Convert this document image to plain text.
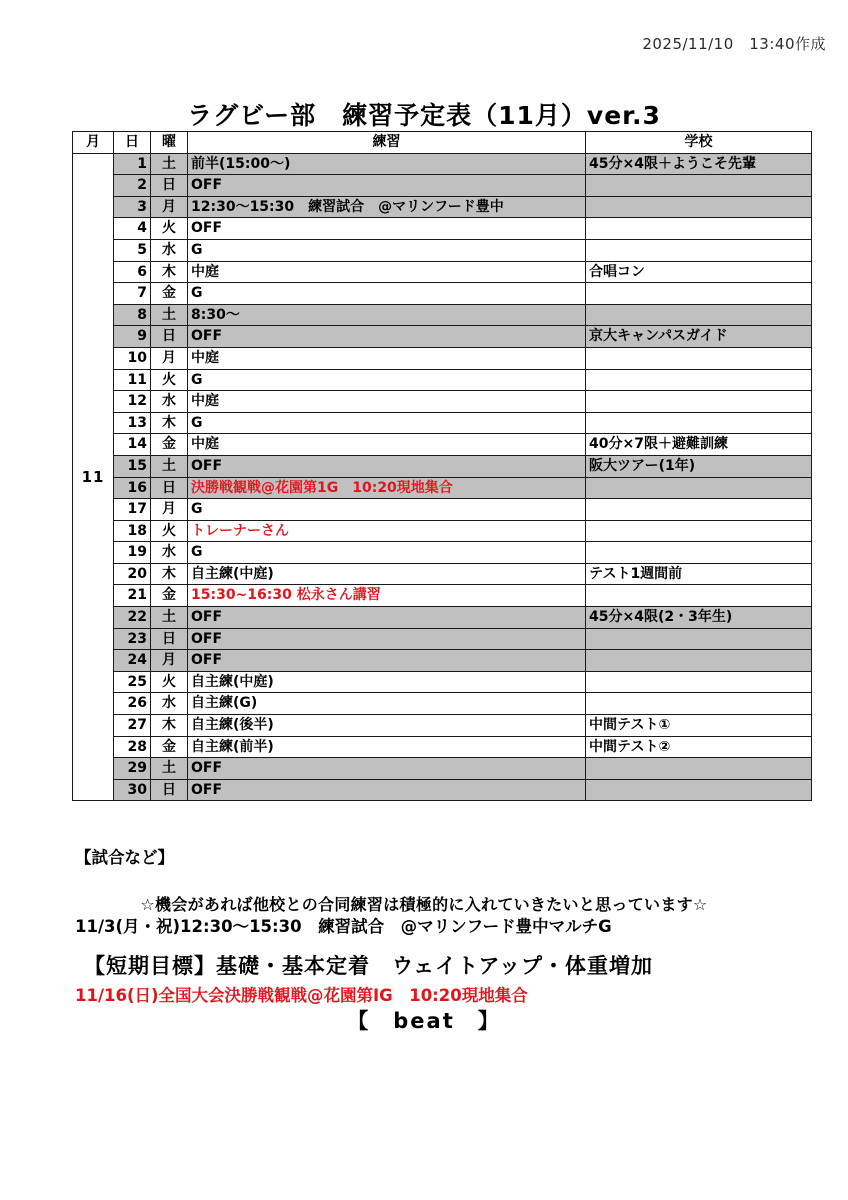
2025/11/10　13:40作成
ラグビー部　練習予定表（11月）ver.3
月	日	曜	練習	学校
11	1	土	前半(15:00〜)	45分×4限＋ようこそ先輩
	2	日	OFF	
	3	月	12:30〜15:30　練習試合　@マリンフード豊中	
	4	火	OFF	
	5	水	G	
	6	木	中庭	合唱コン
	7	金	G	
	8	土	8:30〜	
	9	日	OFF	京大キャンパスガイド
	10	月	中庭	
	11	火	G	
	12	水	中庭	
	13	木	G	
	14	金	中庭	40分×7限＋避難訓練
	15	土	OFF	阪大ツアー(1年)
	16	日	決勝戦観戦@花園第1G　10:20現地集合	
	17	月	G	
	18	火	トレーナーさん	
	19	水	G	
	20	木	自主練(中庭)	テスト1週間前
	21	金	15:30~16:30 松永さん講習	
	22	土	OFF	45分×4限(2・3年生)
	23	日	OFF	
	24	月	OFF	
	25	火	自主練(中庭)	
	26	水	自主練(G)	
	27	木	自主練(後半)	中間テスト①
	28	金	自主練(前半)	中間テスト②
	29	土	OFF	
	30	日	OFF	

【試合など】

11/3(月・祝)12:30〜15:30　練習試合　@マリンフード豊中マルチG

11/16(日)全国大会決勝戦観戦@花園第ⅠG　10:20現地集合

☆機会があれば他校との合同練習は積極的に入れていきたいと思っています☆
【短期目標】基礎・基本定着　ウェイトアップ・体重増加
【　beat　】
